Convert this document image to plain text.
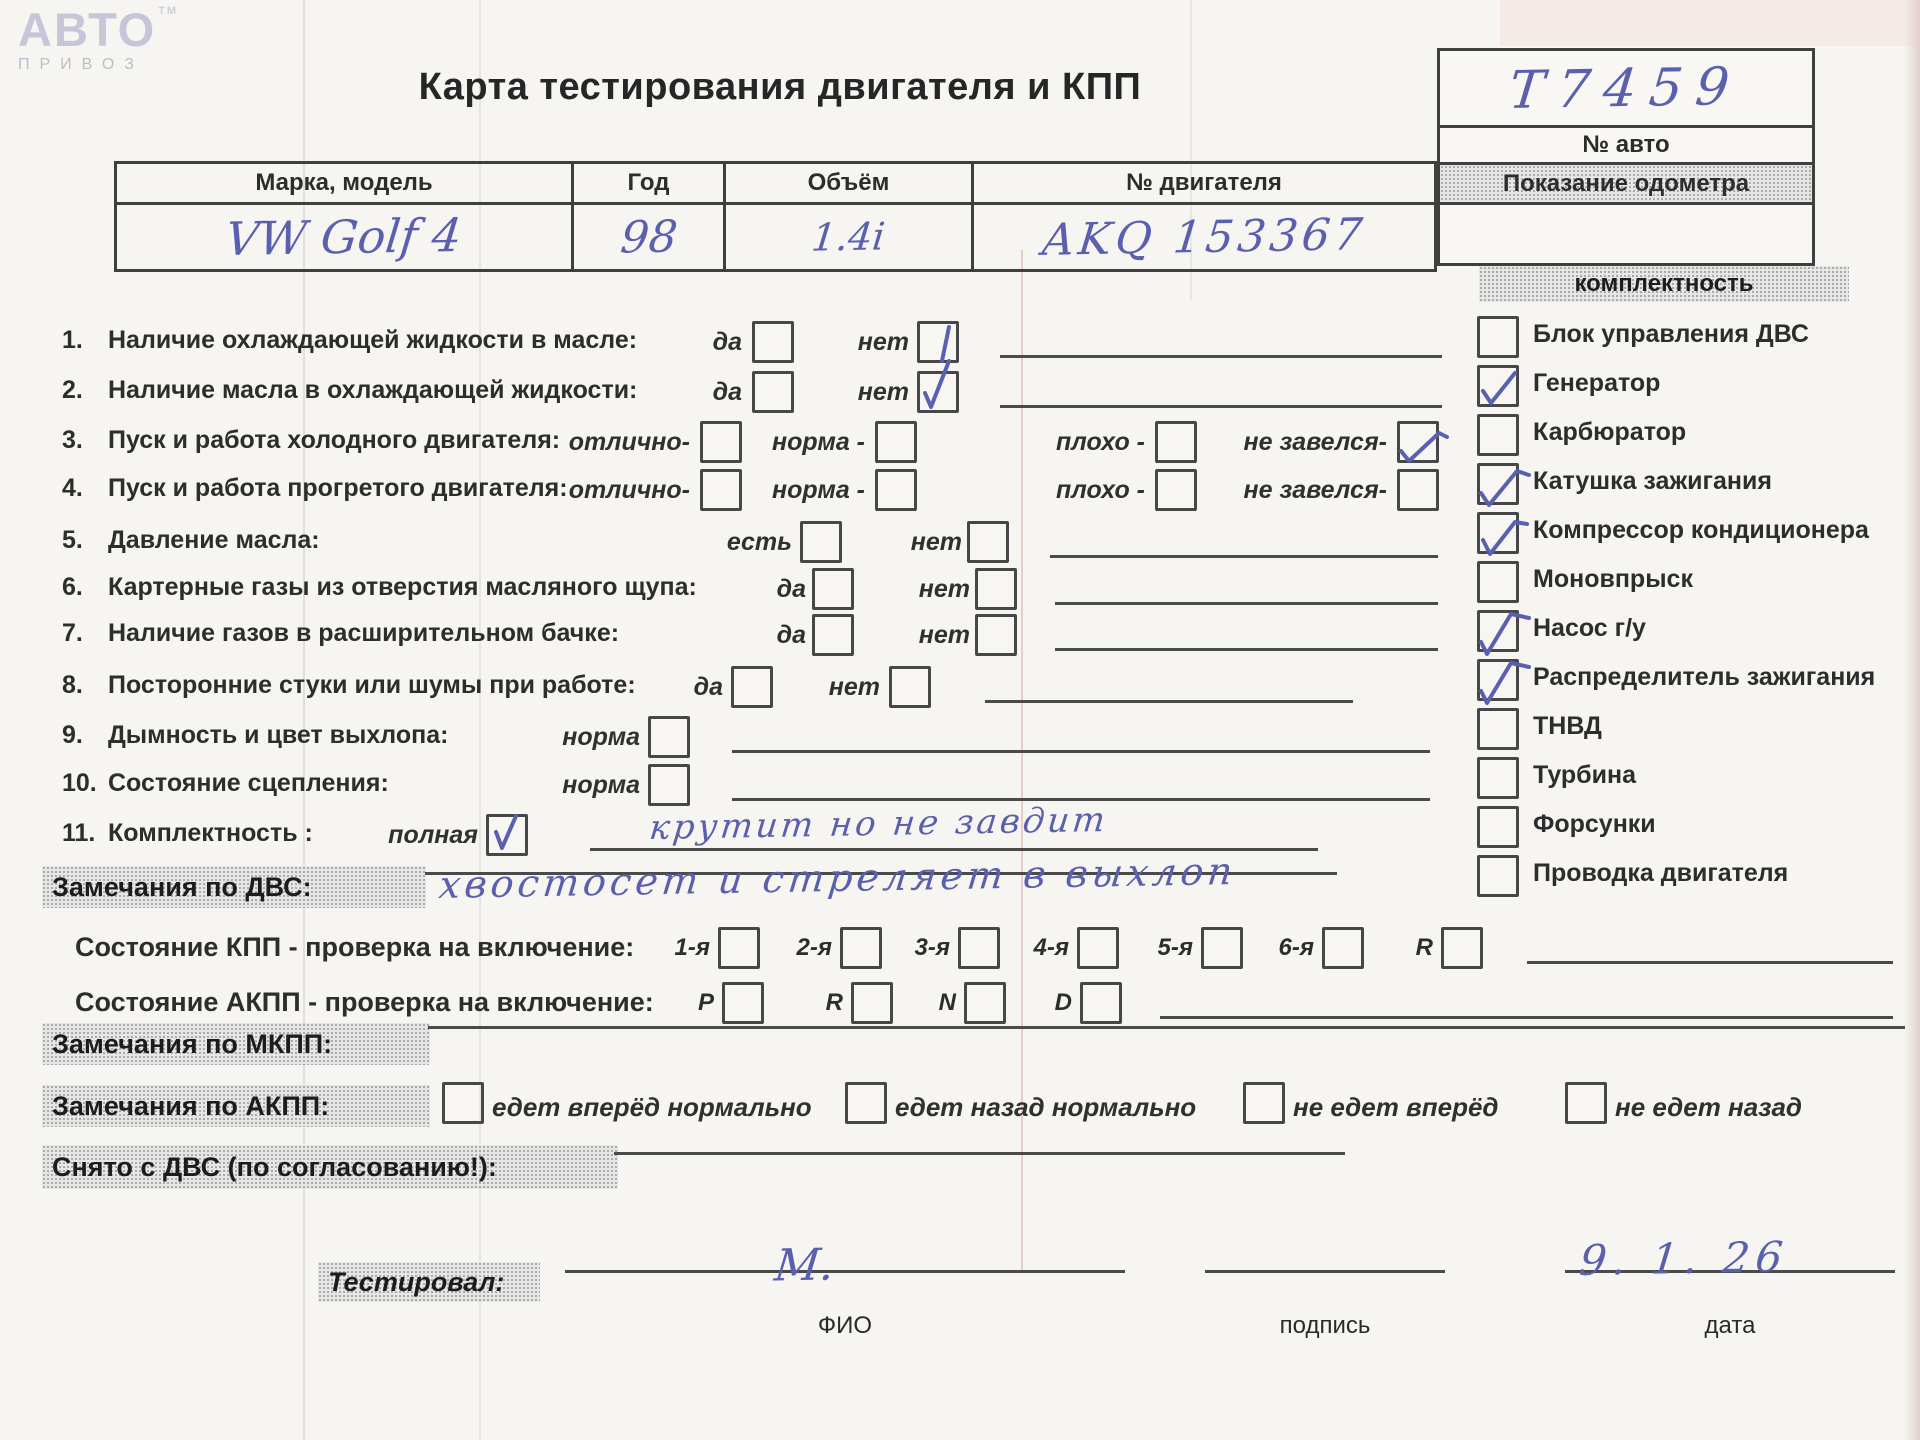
АВТО ™
ПРИВОЗ
Карта тестирования двигателя и КПП	Т7459
№ авто
Показание одометра
Марка, модель	Год	Объём	№ двигателя
VW Golf 4	98	1.4i	AKQ 153367
комплектность
Блок управления ДВС
Генератор
Карбюратор
Катушка зажигания
Компрессор кондиционера
Моновпрыск
Насос г/у
Распределитель зажигания
ТНВД
Турбина
Форсунки
Проводка двигателя
1. Наличие охлаждающей жидкости в масле:	да	нет
2. Наличие масла в охлаждающей жидкости:	да	нет
3. Пуск и работа холодного двигателя: отлично-	норма -	плохо -	не завелся-
4. Пуск и работа прогретого двигателя: отлично-	норма -	плохо -	не завелся-
5. Давление масла:	есть	нет
6. Картерные газы из отверстия масляного щупа:	да	нет
7. Наличие газов в расширительном бачке:	да	нет
8. Посторонние стуки или шумы при работе:	да	нет
9. Дымность и цвет выхлопа:	норма
10. Состояние сцепления:	норма
11. Комплектность :	полная	крутит но не завдит
Замечания по ДВС:	хвостосет и стреляет в выхлоп
Состояние КПП - проверка на включение:	1-я	2-я	3-я	4-я	5-я	6-я	R
Состояние АКПП - проверка на включение:	P	R	N	D
Замечания по МКПП:
Замечания по АКПП:	едет вперёд нормально	едет назад нормально	не едет вперёд	не едет назад
Снято с ДВС (по согласованию!):
Тестировал:	М.
ФИО	подпись
9. 1. 26
дата
